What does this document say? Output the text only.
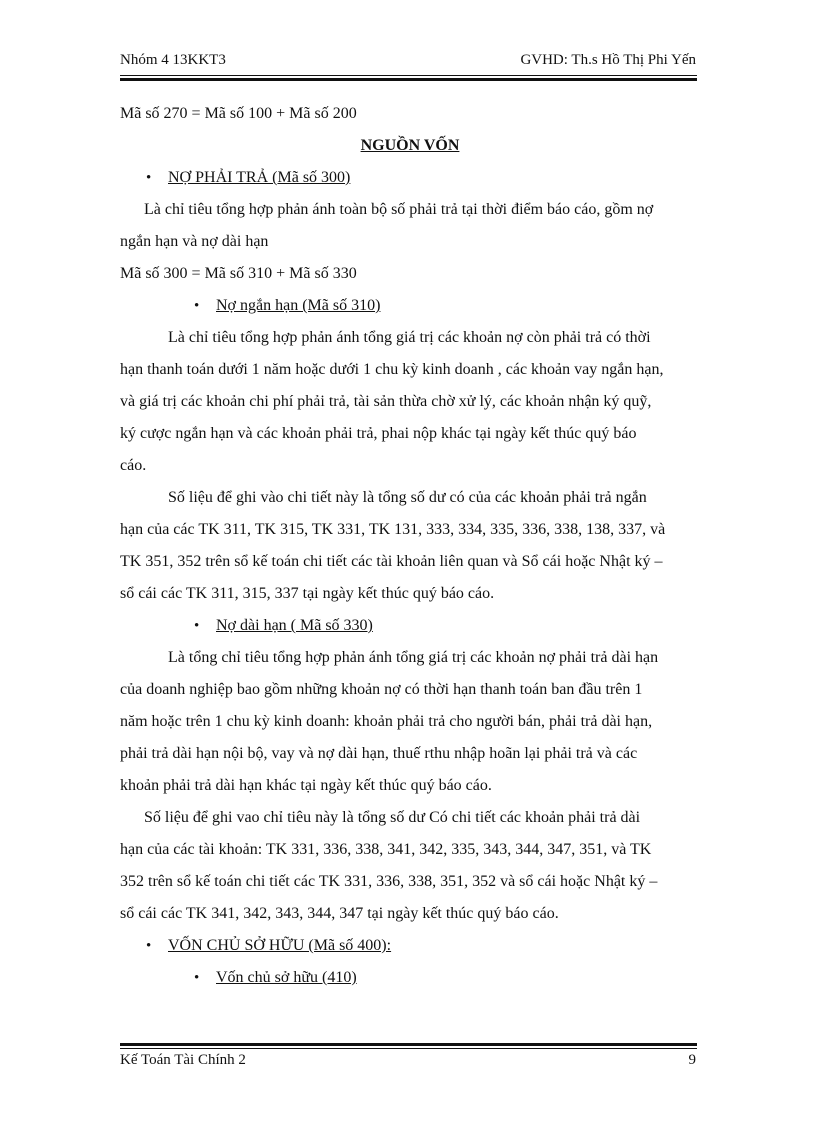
Nhóm 4 13KKT3	GVHD: Th.s Hồ Thị Phi Yến

Mã số 270 = Mã số 100 + Mã số 200

NGUỒN VỐN

• NỢ PHẢI TRẢ (Mã số 300)

Là chỉ tiêu tổng hợp phản ánh toàn bộ số phải trả tại thời điểm báo cáo, gồm nợ

ngắn hạn và nợ dài hạn

Mã số 300 = Mã số 310 + Mã số 330

• Nợ ngắn hạn (Mã số 310)

Là chỉ tiêu tổng hợp phản ánh tổng giá trị các khoản nợ còn phải trả có thời

hạn thanh toán dưới 1 năm hoặc dưới 1 chu kỳ kinh doanh , các khoản vay ngắn hạn,

và giá trị các khoản chi phí phải trả, tài sản thừa chờ xử lý, các khoản nhận ký quỹ,

ký cược ngắn hạn và các khoản phải trả, phai nộp khác tại ngày kết thúc quý báo

cáo.

Số liệu để ghi vào chi tiết này là tổng số dư có của các khoản phải trả ngắn

hạn của các TK 311, TK 315, TK 331, TK 131, 333, 334, 335, 336, 338, 138, 337, và

TK 351, 352 trên sổ kế toán chi tiết các tài khoản liên quan và Sổ cái hoặc Nhật ký –

sổ cái các TK 311, 315, 337 tại ngày kết thúc quý báo cáo.

• Nợ dài hạn ( Mã số 330)

Là tổng chỉ tiêu tổng hợp phản ánh tổng giá trị các khoản nợ phải trả dài hạn

của doanh nghiệp bao gồm những khoản nợ có thời hạn thanh toán ban đầu trên 1

năm hoặc trên 1 chu kỳ kinh doanh: khoản phải trả cho người bán, phải trả dài hạn,

phải trả dài hạn nội bộ, vay và nợ dài hạn, thuế rthu nhập hoãn lại phải trả và các

khoản phải trả dài hạn khác tại ngày kết thúc quý báo cáo.

Số liệu để ghi vao chỉ tiêu này là tổng số dư Có chi tiết các khoản phải trả dài

hạn của các tài khoản: TK 331, 336, 338, 341, 342, 335, 343, 344, 347, 351, và TK

352 trên sổ kế toán chi tiết các TK 331, 336, 338, 351, 352 và sổ cái hoặc Nhật ký –

sổ cái các TK 341, 342, 343, 344, 347 tại ngày kết thúc quý báo cáo.

• VỐN CHỦ SỞ HỮU (Mã số 400):

• Vốn chủ sở hữu (410)

Kế Toán Tài Chính 2	9
